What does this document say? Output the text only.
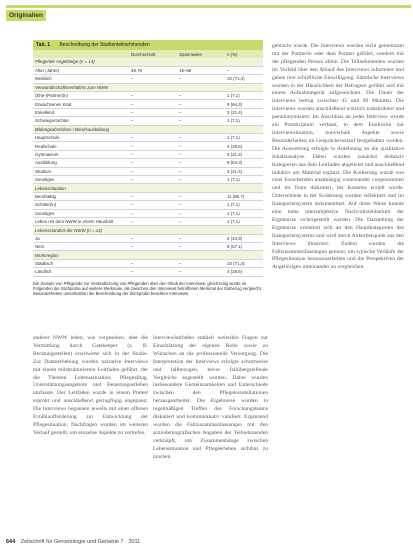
Originalien
Tab. 1 Beschreibung der Studienteilnehmenden
	Durchschnitt	Spannweite	n (%)
Pflegende Angehörige (n = 14)			
Alter (Jahre)	48,79	19–66	–
Weiblich	–	–	10 (71,4)
Verwandtschaftsverhältnis zum NWW			
(Ehe-)Partner(in)	–	–	1 (7,1)
Erwachsenes Kind	–	–	9 (64,3)
Enkelkind	–	–	3 (21,4)
Schwiegertochter	–	–	1 (7,1)
Bildungsabschluss / Berufsausbildung			
Hauptschule	–	–	1 (7,1)
Realschule	–	–	4 (28,6)
Gymnasium	–	–	3 (21,4)
Ausbildung	–	–	9 (64,3)
Studium	–	–	3 (21,4)
Sonstiges	–	–	1 (7,1)
Lebenssituation			
Berufstätig	–	–	11 (85,7)
Schüler(in)	–	–	1 (7,1)
Sonstiges	–	–	1 (7,1)
Leben mit dem NWW in einem Haushalt	–	–	1 (7,1)
Lebensstandort der NWW (n = 14)			
Ja	–	–	6 (42,9)
Nein	–	–	8 (57,1)
Wohnregion			
Städtisch	–	–	10 (71,4)
Ländlich	–	–	4 (28,6)

Die Sample von Pflegende zur Verdeutlichung von Pflegenden über den Inhalt der Interviews, gleichzeitig wurde im Folgenden die Stichprobe auf weitere Merkmale, die zwischen den Interviews betroffenen Merkmal der Einbezug vergleicht. Besonderheiten unterstützten die Beschreibung der Stichprobe beachten Interviews.

gebracht wurde. Die Interviews wurden nicht gemeinsam mit der Partnerin oder dem Partner geführt, sondern mit der pflegenden Person allein. Die Teilnehmenden wurden im Vorfeld über den Ablauf des Interviews informiert und gaben ihre schriftliche Einwilligung. Sämtliche Interviews wurden in der Häuslichkeit der Befragten geführt und mit einem Aufnahmegerät aufgezeichnet. Die Dauer der Interviews betrug zwischen 45 und 90 Minuten. Die Interviews wurden anschließend wörtlich transkribiert und pseudonymisiert. Im Anschluss an jedes Interview wurde ein Postskriptum verfasst, in dem Eindrücke zur Interviewsituation, nonverbale Aspekte sowie Besonderheiten im Gesprächsverlauf festgehalten wurden. Die Auswertung erfolgte in Anlehnung an die qualitative Inhaltsanalyse. Dabei wurden zunächst deduktiv Kategorien aus dem Leitfaden abgeleitet und anschließend induktiv am Material ergänzt. Die Kodierung wurde von zwei Forschenden unabhängig voneinander vorgenommen und im Team diskutiert, bis Konsens erzielt wurde. Unterschiede in der Kodierung wurden reflektiert und im Kategoriensystem dokumentiert. Auf diese Weise konnte eine hohe intersubjektive Nachvollziehbarkeit der Ergebnisse sichergestellt werden. Die Darstellung der Ergebnisse orientiert sich an den Hauptkategorien des Kategoriensystems und wird durch Ankerbeispiele aus den Interviews illustriert. Zudem wurden die Fallzusammenfassungen genutzt, um typische Verläufe der Pflegesituation herauszuarbeiten und die Perspektiven der Angehörigen miteinander zu vergleichen.
anderer NWW leben, wie vorgesehen, aber die Vermittlung durch Gatekeeper (z. B. Beratungsstellen) erschwerte sich in der Studie. Zur Datenerhebung wurden narrative Interviews mit einem teilstrukturierten Leitfaden geführt, der die Themen Lebenssituation, Pflegealltag, Unterstützungsangebote und Belastungserleben umfasste. Der Leitfaden wurde in einem Pretest erprobt und anschließend geringfügig angepasst. Die Interviews begannen jeweils mit einer offenen Erzählaufforderung zur Entwicklung der Pflegesituation. Nachfragen wurden im weiteren Verlauf gestellt, um einzelne Aspekte zu vertiefen.
Interviewleitfaden enthielt weiterhin Fragen zur Einschätzung der eigenen Rolle sowie zu Wünschen an die professionelle Versorgung. Die Interpretation der Interviews erfolgte schrittweise und fallbezogen, bevor fallübergreifende Vergleiche angestellt wurden. Dabei wurden insbesondere Gemeinsamkeiten und Unterschiede zwischen den Pflegekonstellationen herausgearbeitet. Die Ergebnisse wurden in regelmäßigen Treffen des Forschungsteams diskutiert und kommunikativ validiert. Ergänzend wurden die Fallzusammenfassungen mit den soziodemografischen Angaben der Teilnehmenden verknüpft, um Zusammenhänge zwischen Lebenssituation und Pflegeerleben sichtbar zu machen.
644 Zeitschrift für Gerontologie und Geriatrie 7 · 2011
